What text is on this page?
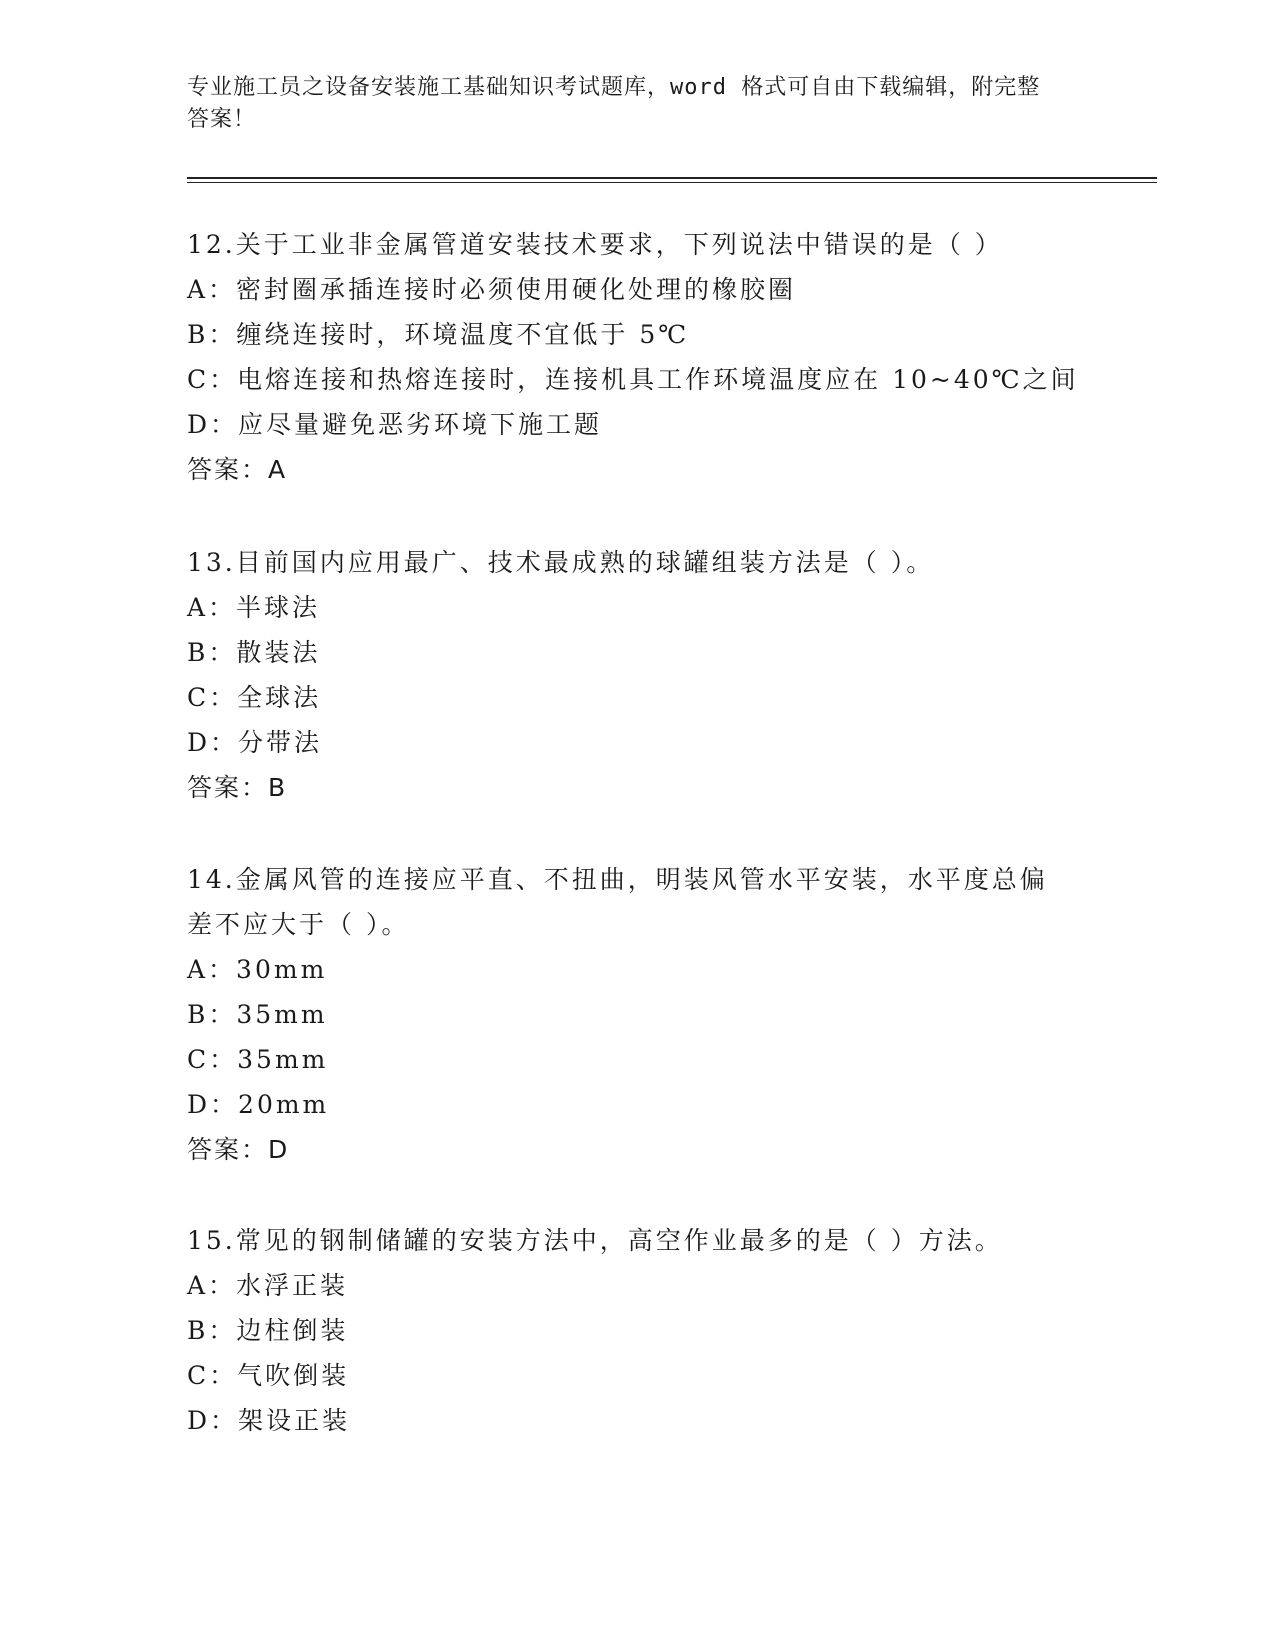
专业施工员之设备安装施工基础知识考试题库，word 格式可自由下载编辑，附完整答案！

12.关于工业非金属管道安装技术要求，下列说法中错误的是（ ）

A：密封圈承插连接时必须使用硬化处理的橡胶圈

B：缠绕连接时，环境温度不宜低于 5℃

C：电熔连接和热熔连接时，连接机具工作环境温度应在 10~40℃之间

D：应尽量避免恶劣环境下施工题

答案：A

13.目前国内应用最广、技术最成熟的球罐组装方法是（ ）。

A：半球法

B：散装法

C：全球法

D：分带法

答案：B

14.金属风管的连接应平直、不扭曲，明装风管水平安装，水平度总偏差不应大于（ ）。

A：30mm

B：35mm

C：35mm

D：20mm

答案：D

15.常见的钢制储罐的安装方法中，高空作业最多的是（ ）方法。

A：水浮正装

B：边柱倒装

C：气吹倒装

D：架设正装
